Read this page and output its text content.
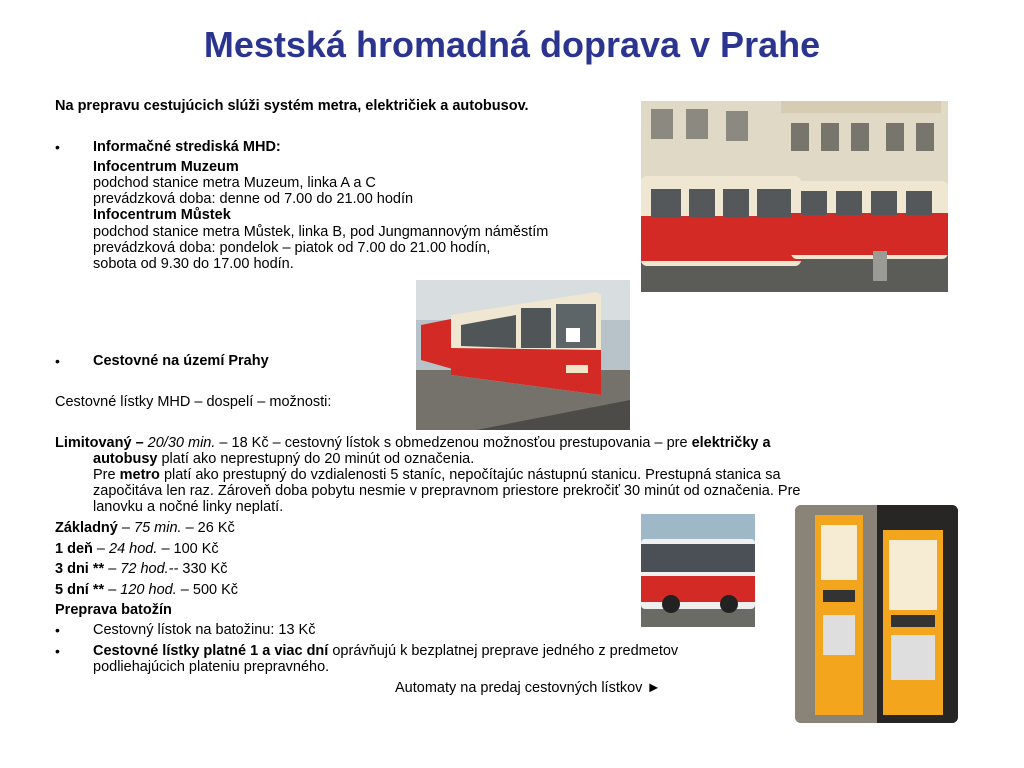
Mestská hromadná doprava v Prahe
Na prepravu cestujúcich slúži systém metra, električiek a autobusov.
• Informačné strediská MHD:
Infocentrum Muzeum
podchod stanice metra Muzeum, linka A a C
prevádzková doba: denne od 7.00 do 21.00 hodín
Infocentrum Můstek
podchod stanice metra Můstek, linka B, pod Jungmannovým náměstím
prevádzková doba: pondelok – piatok od 7.00 do 21.00 hodín,
sobota od 9.30 do 17.00 hodín.
• Cestovné na území Prahy
Cestovné lístky MHD – dospelí – možnosti:
Limitovaný – 20/30 min. – 18 Kč – cestovný lístok s obmedzenou možnosťou prestupovania – pre električky a
autobusy platí ako neprestupný do 20 minút od označenia.
Pre metro platí ako prestupný do vzdialenosti 5 staníc, nepočítajúc nástupnú stanicu. Prestupná stanica sa
započitáva len raz. Zároveň doba pobytu nesmie v prepravnom priestore prekročiť 30 minút od označenia. Pre
lanovku a nočné linky neplatí.
Základný – 75 min. – 26 Kč
1 deň – 24 hod. – 100 Kč
3 dni ** – 72 hod.-- 330 Kč
5 dní ** – 120 hod. – 500 Kč
Preprava batožín
• Cestovný lístok na batožinu: 13 Kč
• Cestovné lístky platné 1 a viac dní oprávňujú k bezplatnej preprave jedného z predmetov
podliehajúcich plateniu prepravného.
Automaty na predaj cestovných lístkov ►
